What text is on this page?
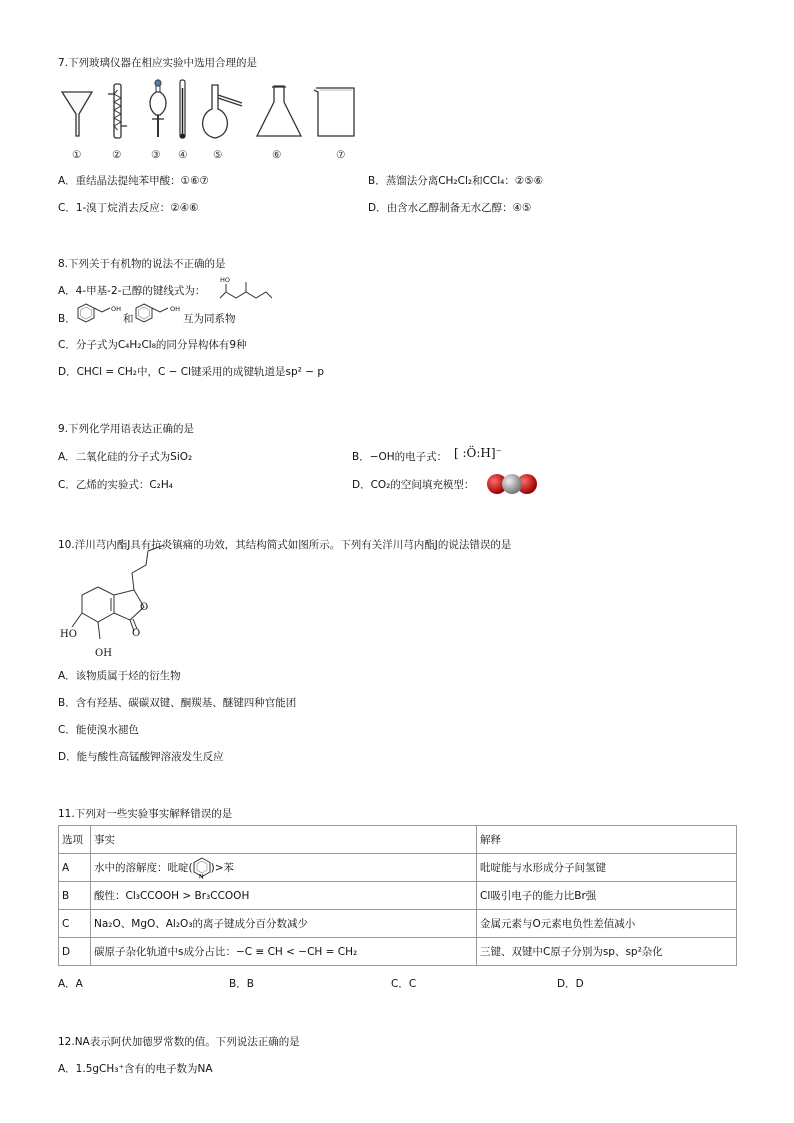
7.下列玻璃仪器在相应实验中选用合理的是
①	②	③ ④ ⑤	⑥	⑦
A．重结晶法提纯苯甲酸：①⑥⑦	B．蒸馏法分离CH₂Cl₂和CCl₄：②⑤⑥
C．1-溴丁烷消去反应：②④⑥	D．由含水乙醇制备无水乙醇：④⑤
8.下列关于有机物的说法不正确的是
A．4-甲基-2-己醇的键线式为：
HO
B．
OH
和
OH
互为同系物
C．分子式为C₄H₂Cl₈的同分异构体有9种
D．CHCl = CH₂中，C − Cl键采用的成键轨道是sp² − p
9.下列化学用语表达正确的是
A．二氧化硅的分子式为SiO₂	B．−OH的电子式： [ :Ö:H]⁻
C．乙烯的实验式：C₂H₄	D．CO₂的空间填充模型：
10.洋川芎内酯J具有抗炎镇痛的功效，其结构简式如图所示。下列有关洋川芎内酯J的说法错误的是
O
O
HO
OH
A．该物质属于烃的衍生物
B．含有羟基、碳碳双键、酮羰基、醚键四种官能团
C．能使溴水褪色
D．能与酸性高锰酸钾溶液发生反应
11.下列对一些实验事实解释错误的是
选项	事实	解释
A	水中的溶解度：吡啶(
N
)>苯	吡啶能与水形成分子间氢键
B	酸性：Cl₃CCOOH > Br₃CCOOH	Cl吸引电子的能力比Br强
C	Na₂O、MgO、Al₂O₃的离子键成分百分数减少	金属元素与O元素电负性差值减小
D	碳原子杂化轨道中s成分占比：−C ≡ CH < −CH = CH₂	三键、双键中C原子分别为sp、sp²杂化
A．A	B．B	C．C	D．D
12.NA表示阿伏加德罗常数的值。下列说法正确的是
A．1.5gCH₃⁺含有的电子数为NA
